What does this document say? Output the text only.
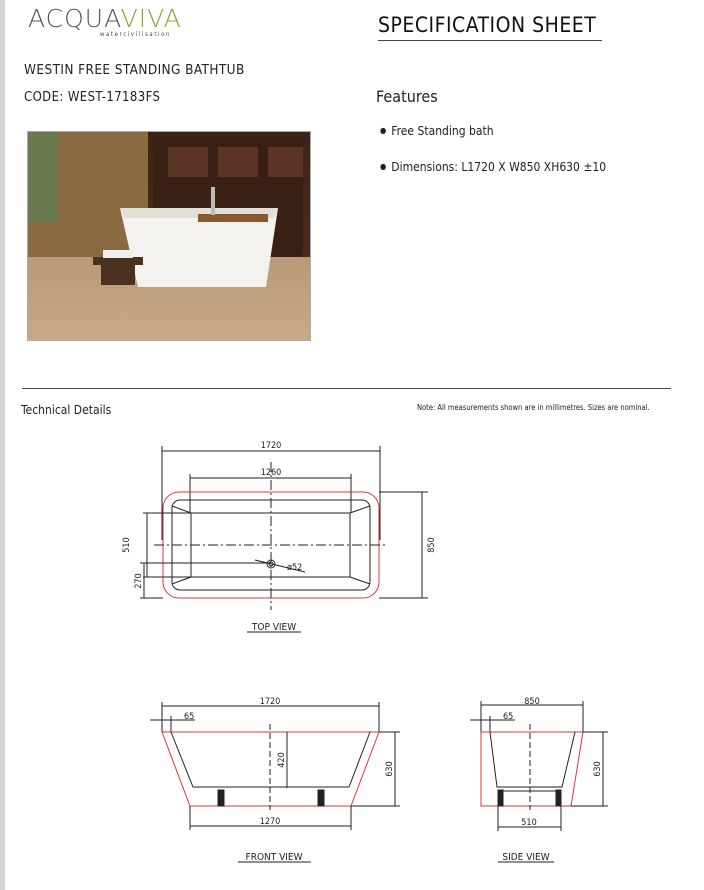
ACQUAVIVA
watercivilisation	SPECIFICATION SHEET
WESTIN FREE STANDING BATHTUB
CODE: WEST-17183FS	Features
● Free Standing bath
● Dimensions: L1720 X W850 XH630 ±10
Technical Details	Note: All measurements shown are in millimetres. Sizes are nominal.
1720
1260
850
510
270
ø52
TOP VIEW
1720
65
420
630
1270
FRONT VIEW
850
65
630
510
SIDE VIEW
